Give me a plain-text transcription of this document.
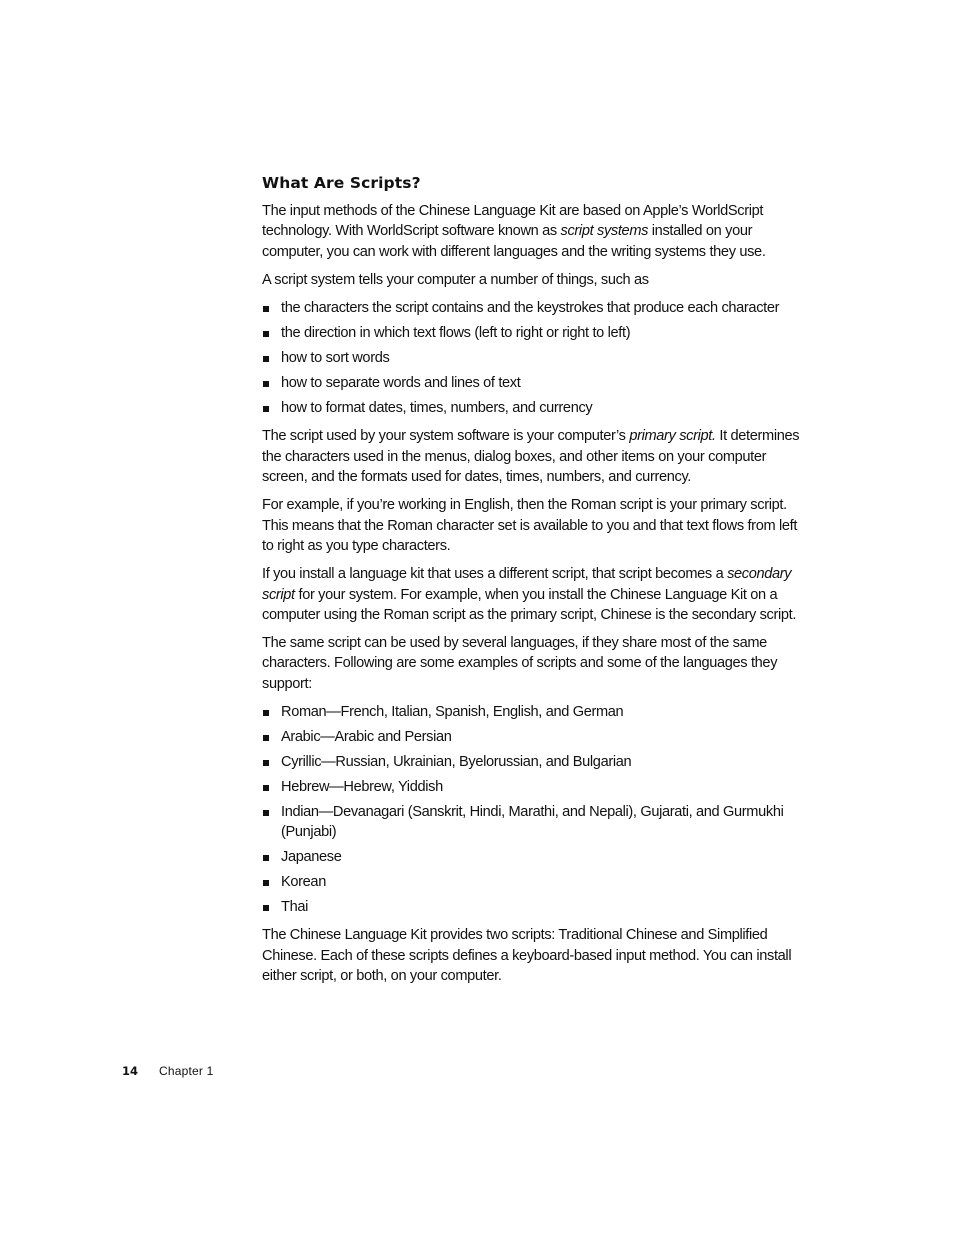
What Are Scripts?

The input methods of the Chinese Language Kit are based on Apple’s WorldScript technology. With WorldScript software known as script systems installed on your computer, you can work with different languages and the writing systems they use.

A script system tells your computer a number of things, such as

the characters the script contains and the keystrokes that produce each character
the direction in which text flows (left to right or right to left)
how to sort words
how to separate words and lines of text
how to format dates, times, numbers, and currency

The script used by your system software is your computer’s primary script. It determines the characters used in the menus, dialog boxes, and other items on your computer screen, and the formats used for dates, times, numbers, and currency.

For example, if you’re working in English, then the Roman script is your primary script. This means that the Roman character set is available to you and that text flows from left to right as you type characters.

If you install a language kit that uses a different script, that script becomes a secondary script for your system. For example, when you install the Chinese Language Kit on a computer using the Roman script as the primary script, Chinese is the secondary script.

The same script can be used by several languages, if they share most of the same characters. Following are some examples of scripts and some of the languages they support:

Roman—French, Italian, Spanish, English, and German
Arabic—Arabic and Persian
Cyrillic—Russian, Ukrainian, Byelorussian, and Bulgarian
Hebrew—Hebrew, Yiddish
Indian—Devanagari (Sanskrit, Hindi, Marathi, and Nepali), Gujarati, and Gurmukhi (Punjabi)
Japanese
Korean
Thai

The Chinese Language Kit provides two scripts: Traditional Chinese and Simplified Chinese. Each of these scripts defines a keyboard-based input method. You can install either script, or both, on your computer.

14 Chapter 1
